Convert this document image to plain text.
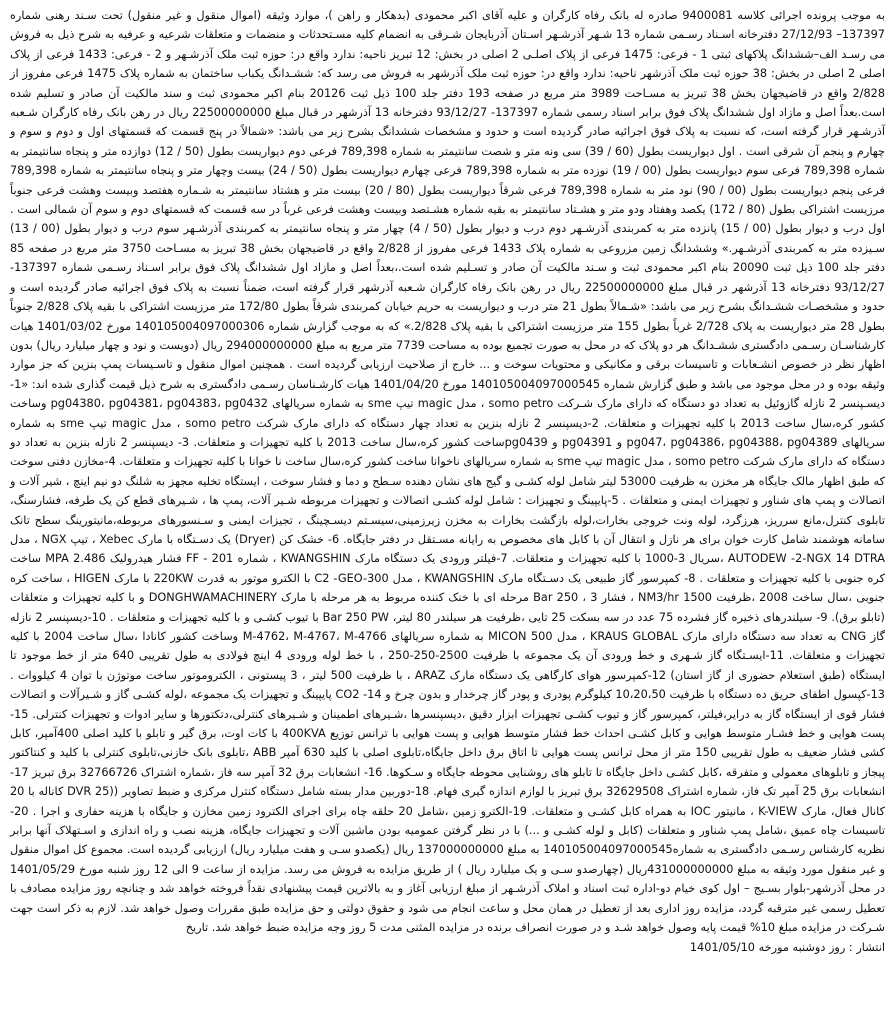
به موجب پرونده اجرائی کلاسه 9400081 صادره له بانک رفاه کارگران و علیه آقای اکبر محمودی (بدهکار و راهن )، موارد وثیقه (اموال منقول و غیر منقول) تحت سـند رهنی شماره 137397– 27/12/93 دفترخانه اسـناد رسـمی شماره 13 شـهر آذرشـهر اسـتان آذربایجان شـرقی به انضمام کلیه مسـتحدثات و منضمات و متعلقات شرعیه و عرفیه به شرح ذیل به فروش می رسـد الف–ششدانگ پلاکهای ثبتی 1 - فرعی: 1475 فرعی از پلاک اصلـی 2 اصلی در بخش: 12 تبریز ناحیه: ندارد واقع در: حوزه ثبت ملک آذرشـهر و 2 - فرعی: 1433 فرعی از پلاک اصلی 2 اصلی در بخش: 38 حوزه ثبت ملک آذرشهر ناحیه: ندارد واقع در: حوزه ثبت ملک آذرشهر به فروش می رسد که: ششـدانگ یکباب ساختمان به شماره پلاک 1475 فرعی مفروز از 2/828 واقع در قاضیجهان بخش 38 تبریز به مسـاحت 3989 متر مربع در صفحه 193 دفتر جلد 100 ذیل ثبت 20126 بنام اکبر محمودی ثبت و سند مالکیت آن صادر و تسلیم شده است.بعداً اصل و مازاد اول ششدانگ پلاک فوق برابر اسناد رسمی شماره 137397- 93/12/27 دفترخانه 13 آذرشهر در قبال مبلغ 22500000000 ریال در رهن بانک رفاه کارگران شـعبه آذرشـهر قرار گرفته است، که نسبت به پلاک فوق اجرائیه صادر گردیده است و حدود و مشخصات ششدانگ بشرح زیر می باشد: «شمالاً در پنج قسمت که قسمتهای اول و دوم و سوم و چهارم و پنجم آن شرقی است . اول دیواریست بطول (60 / 39) سی ونه متر و شصت سانتیمتر به شماره 789,398 فرعی دوم دیواریست بطول (50 / 12) دوازده متر و پنجاه سانتیمتر به شماره 789,398 فرعی سوم دیواریست بطول (00 / 19) نوزده متر به شماره 789,398 فرعی چهارم دیواریست بطول (50 / 24) بیست وچهار متر و پنجاه سانتیمتر به شماره 789,398 فرعی پنجم دیواریست بطول (00 / 90) نود متر به شماره 789,398 فرعی شرقاً دیواریست بطول (80 / 20) بیست متر و هشتاد سانتیمتر به شـماره هفتصد وبیست وهشت فرعی جنوباً مرزیست اشتراکی بطول (80 / 172) یکصد وهفتاد ودو متر و هشـتاد سانتیمتر به بقیه شماره هشـتصد وبیست وهشت فرعی غرباً در سه قسمت که قسمتهای دوم و سوم آن شمالی است . اول درب و دیوار بطول (00 / 15) پانزده متر به کمربندی آذرشـهر دوم درب و دیوار بطول (50 / 4) چهار متر و پنجاه سانتیمتر به کمربندی آذرشـهر سوم درب و دیوار بطول (00 / 13) سـیزده متر به کمربندی آذرشـهر.» وششدانگ زمین مزروعی به شماره پلاک 1433 فرعی مفروز از 2/828 واقع در قاضیجهان بخش 38 تبریز به مسـاحت 3750 متر مربع در صفحه 85 دفتر جلد 100 ذیل ثبت 20090 بنام اکبر محمودی ثبت و سـند مالکیت آن صادر و تسـلیم شده است.،بعداً اصل و مازاد اول ششدانگ پلاک فوق برابر اسـناد رسـمی شماره 137397- 93/12/27 دفترخانه 13 آذرشهر در قبال مبلغ 22500000000 ریال در رهن بانک رفاه کارگران شـعبه آذرشهر قرار گرفته است، ضمناً نسبت به پلاک فوق اجرائیه صادر گردیده است و حدود و مشخصـات ششـدانگ بشرح زیر می باشد: «شـمالاً بطول 21 متر درب و دیواریست به حریم خیابان کمربندی شرقاً بطول 172/80 متر مرزیست اشتراکی با بقیه پلاک 2/828 جنوباً بطول 28 متر دیواریست به پلاک 2/728 غرباً بطول 155 متر مرزیست اشتراکی با بقیه پلاک 2/828.» که به موجب گزارش شماره 140105004097000306 مورخ 1401/03/02 هیات کارشناسـان رسـمی دادگستری ششـدانگ هر دو پلاک که در محل به صورت تجمیع بوده به مساحت 7739 متر مربع به مبلغ 294000000000 ریال (دویست و نود و چهار میلیارد ریال) بدون اظهار نظر در خصوص انشـعابات و تاسیسات برقی و مکانیکی و محتویات سوخت و ... خارج از صلاحیت ارزیابی گردیده است . همچنین اموال منقول و تاسـیسات پمپ بنزین که جز موارد وثیقه بوده و در محل موجود می باشد و طبق گزارش شماره 140105004097000545 مورخ 1401/04/20 هیات کارشـناسان رسـمی دادگستری به شرح ذیل قیمت گذاری شده اند: «1- دیسـپنسر 2 نازله گازوئیل به تعداد دو دستگاه که دارای مارک شـرکت somo petro ، مدل magic تیپ sme به شماره سریالهای pg04380، pg04381، pg04383، pg0432 وساخت کشور کره،سال ساخت 2013 با کلیه تجهیزات و متعلقات. 2-دیسپنسر 2 نازله بنزین به تعداد چهار دستگاه که دارای مارک شرکت somo petro ، مدل magic تیپ sme به شماره سریالهای pg047، pg04386، pg04388، pg04389 و pg04391 و pg0439ساخت کشور کره،سال ساخت 2013 با کلیه تجهیزات و متعلقات. 3- دیسپنسر 2 نازله بنزین به تعداد دو دستگاه که دارای مارک شرکت somo petro ، مدل magic تیپ sme به شماره سریالهای ناخوانا ساخت کشور کره،سال ساخت نا خوانا با کلیه تجهیزات و متعلقات. 4-مخازن دفنی سوخت که طبق اظهار مالک جایگاه هر مخزن به ظرفیت 53000 لیتر شامل لوله کشـی و گیج های نشان دهنده سـطح و دما و فشار سوخت ، ایستگاه تخلیه مجهز به شلنگ دو نیم اینچ ، شیر آلات و اتصالات و پمپ های شناور و تجهیزات ایمنی و متعلقات . 5-پایپینگ و تجهیزات : شامل لوله کشـی اتصالات و تجهیزات مربوطه شـیر آلات، پمپ ها ، شـیرهای قطع کن یک طرفه، فشارسنگ، تابلوی کنترل،مانع سرریز، هرزگرد، لوله ونت خروجی بخارات،لوله بازگشت بخارات به مخزن زیرزمینی،سیسـتم دیسـچینگ ، تجیزات ایمنی و سـنسورهای مربوطه،مانیتورینگ سطح تانک سامانه هوشمند شامل کارت خوان برای هر نازل و انتقال آن با کابل های مخصوص به رایانه مسـتقل در دفتر جایگاه. 6- خشک کن (Dryer) یک دسـتگاه با مارک Xebec ، تیپ NGX ، مدل AUTODEW -2-NGX 14 DTRA ،سریال 3-1000 با کلیه تجهیزات و متعلقات. 7-فیلتر ورودی یک دستگاه مارک KWANGSHIN ، شماره 201 - FF فشار هیدرولیک MPA 2.486 ساخت کره جنوبی با کلیه تجهیزات و متعلقات . 8- کمپرسور گاز طبیعی یک دسـتگاه مارک KWANGSHIN ، مدل C2 -GEO-300 با الکترو موتور به قدرت 220KW با مارک HIGEN ، ساخت کره جنوبی ،سال ساخت 2008 ،ظرفیت 1500 NM3/hr ، فشار 3 ، Bar 250 مرحله ای با خنک کننده مربوط به هر مرحله با مارک DONGHWAMACHINERY و با کلیه تجهیزات و متعلقات (تابلو برق). 9- سیلندرهای ذخیره گاز فشرده 75 عدد در سه بسکت 25 تایی ،ظرفیت هر سیلندر 80 لیتر، Bar 250 PW با تیوب کشـی و با کلیه تجهیزات و متعلقات . 10-دیسپنسر 2 نازله گاز CNG به تعداد سه دستگاه دارای مارک KRAUS GLOBAL ، مدل MICON 500 به شماره سریالهای M-4762، M-4767، M-4766 وساخت کشور کانادا ،سال ساخت 2004 با کلیه تجهیزات و متعلقات. 11-ایسـتگاه گاز شـهری و خط ورودی آن یک مجموعه با ظرفیت 2500-250-250 ، با خط لوله ورودی 4 اینچ فولادی به طول تقریبی 640 متر از خط موجود تا ایستگاه (طبق استعلام حضوری از گاز استان) 12-کمپرسور هوای کارگاهی یک دستگاه مارک ARAZ ، با ظرفیت 500 لیتر ، 3 پیستونی ، الکتروموتور ساخت موتوژن با توان 4 کیلووات . 13-کپسول اطفای حریق ده دستگاه با ظرفیت 10،20،50 کیلوگرم پودری و پودر گاز چرخدار و بدون چرخ و CO2 -14 پایپینگ و تجهیزات یک مجموعه ،لوله کشـی گاز و شـیرآلات و اتصالات فشار قوی از ایستگاه گاز به درایر،فیلتر، کمپرسور گاز و تیوب کشـی تجهیزات ابزار دقیق ،دیسپنسرها ،شـیرهای اطمینان و شـیرهای کنترلی،دتکتورها و سایر ادوات و تجهیزات کنترلی. 15-پست هوایی و خط فشـار متوسط هوایی و کابل کشـی احداث خط فشار متوسط هوایی و پست هوایی با ترانس توزیع 400KVA با کات اوت، برق گیر و تابلو با کلید اصلی 400آمپر، کابل کشی فشار ضعیف به طول تقریبی 150 متر از محل ترانس پست هوایی تا اتاق برق داخل جایگاه،تابلوی اصلی با کلید 630 آمپر ABB ،تابلوی بانک خازنی،تابلوی کنترلی با کلید و کنتاکتور پیجاز و تابلوهای معمولی و متفرقه ،کابل کشـی داخل جایگاه تا تابلو های روشنایی محوطه جایگاه و سـکوها. 16- انشعابات برق 32 آمپر سه فاز ،شماره اشتراک 32766726 برق تبریز 17-انشعابات برق 25 آمپر تک فاز، شماره اشتراک 32629508 برق تبریز با لوازم اندازه گیری فهام. 18-دوربین مدار بسته شامل دستگاه کنترل مرکزی و ضبط تصاویر ((DVR 25 کاناله با 20 کانال فعال، مارک K-VIEW ، مانیتور IOC به همراه کابل کشـی و متعلقات. 19-الکترو زمین ،شامل 20 حلقه چاه برای اجرای الکترود زمین مخازن و جایگاه با هزینه حفاری و اجرا . 20-تاسیسات چاه عمیق ،شامل پمپ شناور و متعلقات (کابل و لوله کشـی و ...) با در نظر گرفتن عمومیه بودن ماشین آلات و تجهیزات جایگاه، هزینه نصب و راه اندازی و اسـتهلاک آنها برابر نظریه کارشناس رسـمی دادگستری به شماره140105004097000545 به مبلغ 137000000000 ریال (یکصدو سـی و هفت میلیارد ریال) ارزیابی گردیده است. مجموع کل اموال منقول و غیر منقول مورد وثیقه به مبلغ 431000000000ریال (چهارصدو سـی و یک میلیارد ریال ) از طریق مزایده به فروش می رسد. مزایده از ساعت 9 الی 12 روز شنبه مورخ 1401/05/29 در محل آذرشهر-بلوار بسـیج – اول کوی خیام دو-اداره ثبت اسناد و املاک آذرشـهر از مبلغ ارزیابی آغاز و به بالاترین قیمت پیشنهادی نقداً فروخته خواهد شد و چنانچه روز مزایده مصادف با تعطیل رسمی غیر مترقبه گردد، مزایده روز اداری بعد از تعطیل در همان محل و ساعت انجام می شود و حقوق دولتی و حق مزایده طبق مقررات وصول خواهد شد. لازم به ذکر است جهت شـرکت در مزایده مبلغ 10% قیمت پایه وصول خواهد شـد و در صورت انصراف برنده در مزایده المثنی مدت 5 روز وجه مزایده ضبط خواهد شد. تاریخ

انتشار : روز دوشنبه مورخه 1401/05/10
